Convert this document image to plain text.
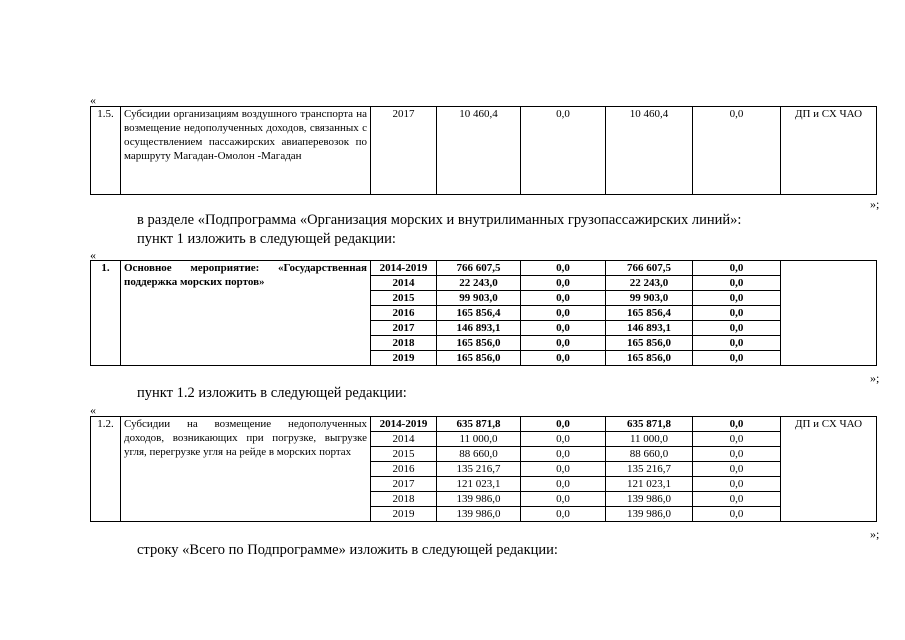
«
1.5.	Субсидии организациям воздушного транспорта на возмещение недополученных доходов, связанных с осуществлением пассажирских авиаперевозок по маршруту Магадан-Омолон -Магадан	2017	10 460,4	0,0	10 460,4	0,0	ДП и СХ ЧАО
»;
в разделе «Подпрограмма «Организация морских и внутрилиманных грузопассажирских линий»:
пункт 1 изложить в следующей редакции:
«
1.	Основное мероприятие: «Государственная поддержка морских портов»	2014-2019	766 607,5	0,0	766 607,5	0,0	
		2014	22 243,0	0,0	22 243,0	0,0	
		2015	99 903,0	0,0	99 903,0	0,0	
		2016	165 856,4	0,0	165 856,4	0,0	
		2017	146 893,1	0,0	146 893,1	0,0	
		2018	165 856,0	0,0	165 856,0	0,0	
		2019	165 856,0	0,0	165 856,0	0,0	
»;
пункт 1.2 изложить в следующей редакции:
«
1.2.	Субсидии на возмещение недополученных доходов, возникающих при погрузке, выгрузке угля, перегрузке угля на рейде в морских портах	2014-2019	635 871,8	0,0	635 871,8	0,0	ДП и СХ ЧАО
		2014	11 000,0	0,0	11 000,0	0,0	
		2015	88 660,0	0,0	88 660,0	0,0	
		2016	135 216,7	0,0	135 216,7	0,0	
		2017	121 023,1	0,0	121 023,1	0,0	
		2018	139 986,0	0,0	139 986,0	0,0	
		2019	139 986,0	0,0	139 986,0	0,0	
»;
строку «Всего по Подпрограмме» изложить в следующей редакции:
